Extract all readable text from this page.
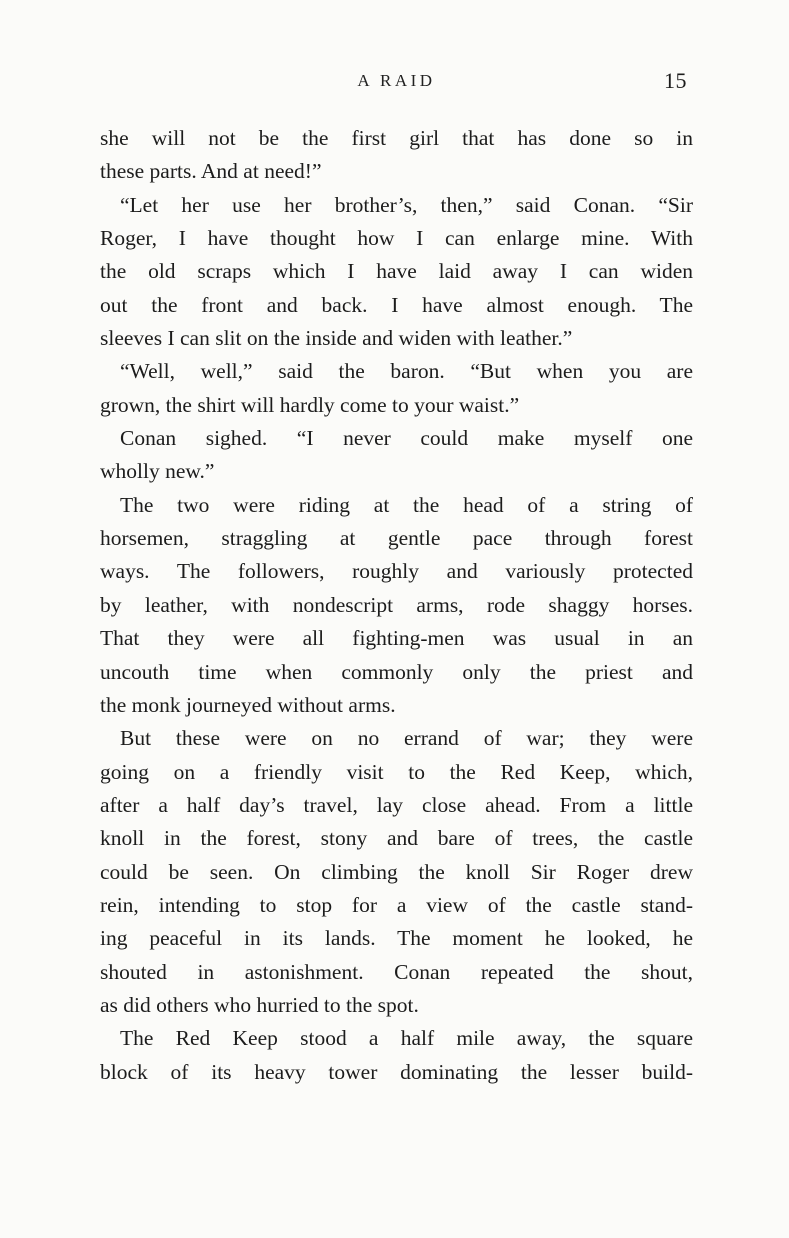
A RAID	15
she will not be the first girl that has done so in
these parts. And at need!”
“Let her use her brother’s, then,” said Conan. “Sir
Roger, I have thought how I can enlarge mine. With
the old scraps which I have laid away I can widen
out the front and back. I have almost enough. The
sleeves I can slit on the inside and widen with leather.”
“Well, well,” said the baron. “But when you are
grown, the shirt will hardly come to your waist.”
Conan sighed. “I never could make myself one
wholly new.”
The two were riding at the head of a string of
horsemen, straggling at gentle pace through forest
ways. The followers, roughly and variously protected
by leather, with nondescript arms, rode shaggy horses.
That they were all fighting-men was usual in an
uncouth time when commonly only the priest and
the monk journeyed without arms.
But these were on no errand of war; they were
going on a friendly visit to the Red Keep, which,
after a half day’s travel, lay close ahead. From a little
knoll in the forest, stony and bare of trees, the castle
could be seen. On climbing the knoll Sir Roger drew
rein, intending to stop for a view of the castle stand-
ing peaceful in its lands. The moment he looked, he
shouted in astonishment. Conan repeated the shout,
as did others who hurried to the spot.
The Red Keep stood a half mile away, the square
block of its heavy tower dominating the lesser build-
